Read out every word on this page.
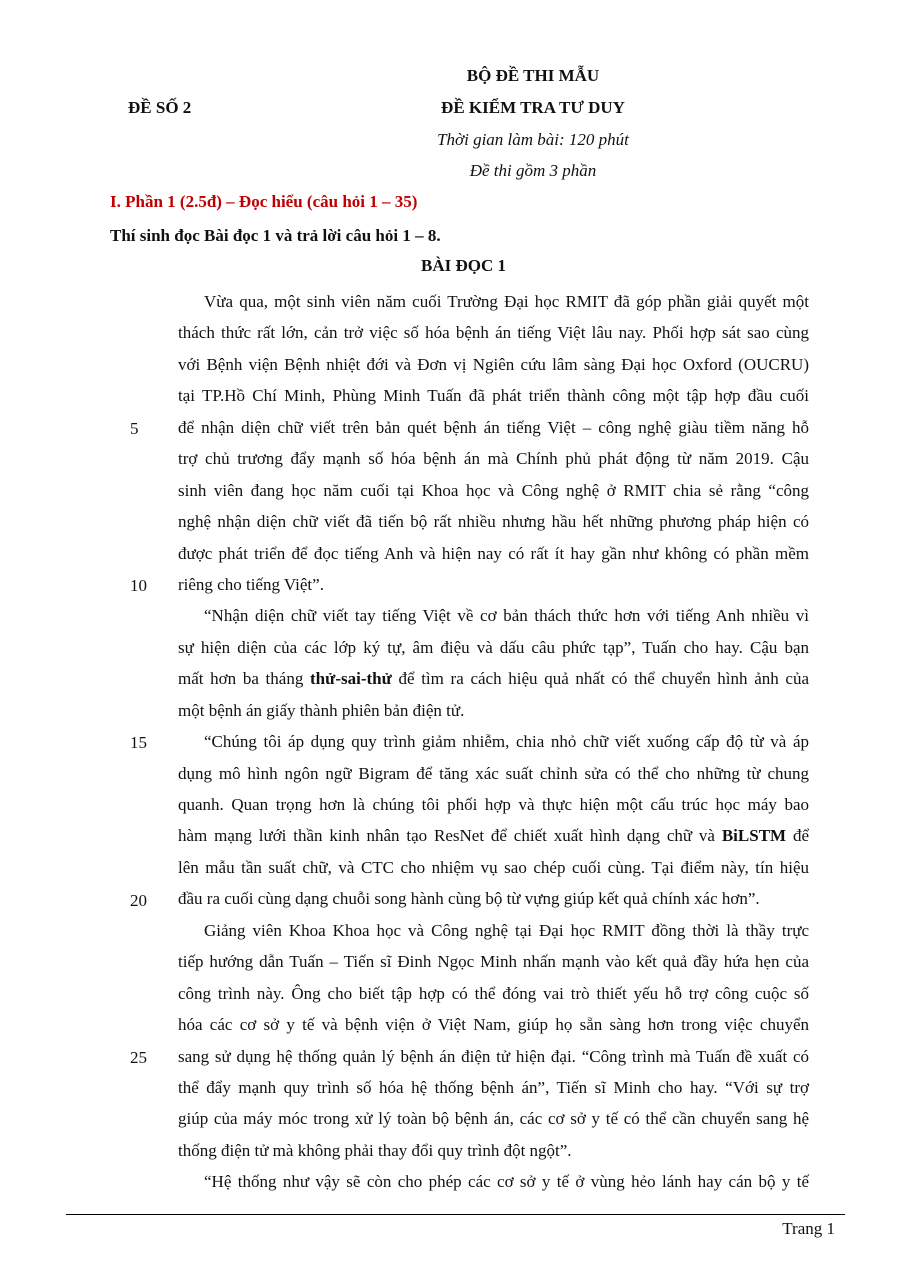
BỘ ĐỀ THI MẪU
ĐỀ SỐ 2	ĐỀ KIỂM TRA TƯ DUY
Thời gian làm bài: 120 phút
Đề thi gồm 3 phần
I. Phần 1 (2.5đ) – Đọc hiểu (câu hỏi 1 – 35)
Thí sinh đọc Bài đọc 1 và trả lời câu hỏi 1 – 8.
BÀI ĐỌC 1
Vừa qua, một sinh viên năm cuối Trường Đại học RMIT đã góp phần giải quyết một
thách thức rất lớn, cản trở việc số hóa bệnh án tiếng Việt lâu nay. Phối hợp sát sao cùng
với Bệnh viện Bệnh nhiệt đới và Đơn vị Ngiên cứu lâm sàng Đại học Oxford (OUCRU)
tại TP.Hồ Chí Minh, Phùng Minh Tuấn đã phát triển thành công một tập hợp đầu cuối
để nhận diện chữ viết trên bản quét bệnh án tiếng Việt – công nghệ giàu tiềm năng hỗ
trợ chủ trương đẩy mạnh số hóa bệnh án mà Chính phủ phát động từ năm 2019. Cậu
sinh viên đang học năm cuối tại Khoa học và Công nghệ ở RMIT chia sẻ rằng “công
nghệ nhận diện chữ viết đã tiến bộ rất nhiều nhưng hầu hết những phương pháp hiện có
được phát triển để đọc tiếng Anh và hiện nay có rất ít hay gần như không có phần mềm
riêng cho tiếng Việt”.
“Nhận diện chữ viết tay tiếng Việt về cơ bản thách thức hơn với tiếng Anh nhiều vì
sự hiện diện của các lớp ký tự, âm điệu và dấu câu phức tạp”, Tuấn cho hay. Cậu bạn
mất hơn ba tháng thử-sai-thử để tìm ra cách hiệu quả nhất có thể chuyển hình ảnh của
một bệnh án giấy thành phiên bản điện tử.
“Chúng tôi áp dụng quy trình giảm nhiễm, chia nhỏ chữ viết xuống cấp độ từ và áp
dụng mô hình ngôn ngữ Bigram để tăng xác suất chỉnh sửa có thể cho những từ chung
quanh. Quan trọng hơn là chúng tôi phối hợp và thực hiện một cấu trúc học máy bao
hàm mạng lưới thần kinh nhân tạo ResNet để chiết xuất hình dạng chữ và BiLSTM để
lên mẫu tần suất chữ, và CTC cho nhiệm vụ sao chép cuối cùng. Tại điểm này, tín hiệu
đầu ra cuối cùng dạng chuỗi song hành cùng bộ từ vựng giúp kết quả chính xác hơn”.
Giảng viên Khoa Khoa học và Công nghệ tại Đại học RMIT đồng thời là thầy trực
tiếp hướng dẫn Tuấn – Tiến sĩ Đinh Ngọc Minh nhấn mạnh vào kết quả đầy hứa hẹn của
công trình này. Ông cho biết tập hợp có thể đóng vai trò thiết yếu hỗ trợ công cuộc số
hóa các cơ sở y tế và bệnh viện ở Việt Nam, giúp họ sẵn sàng hơn trong việc chuyển
sang sử dụng hệ thống quản lý bệnh án điện tử hiện đại. “Công trình mà Tuấn đề xuất có
thể đẩy mạnh quy trình số hóa hệ thống bệnh án”, Tiến sĩ Minh cho hay. “Với sự trợ
giúp của máy móc trong xử lý toàn bộ bệnh án, các cơ sở y tế có thể cần chuyển sang hệ
thống điện tử mà không phải thay đổi quy trình đột ngột”.
“Hệ thống như vậy sẽ còn cho phép các cơ sở y tế ở vùng hẻo lánh hay cán bộ y tế
5
10
15
20
25
Trang 1
